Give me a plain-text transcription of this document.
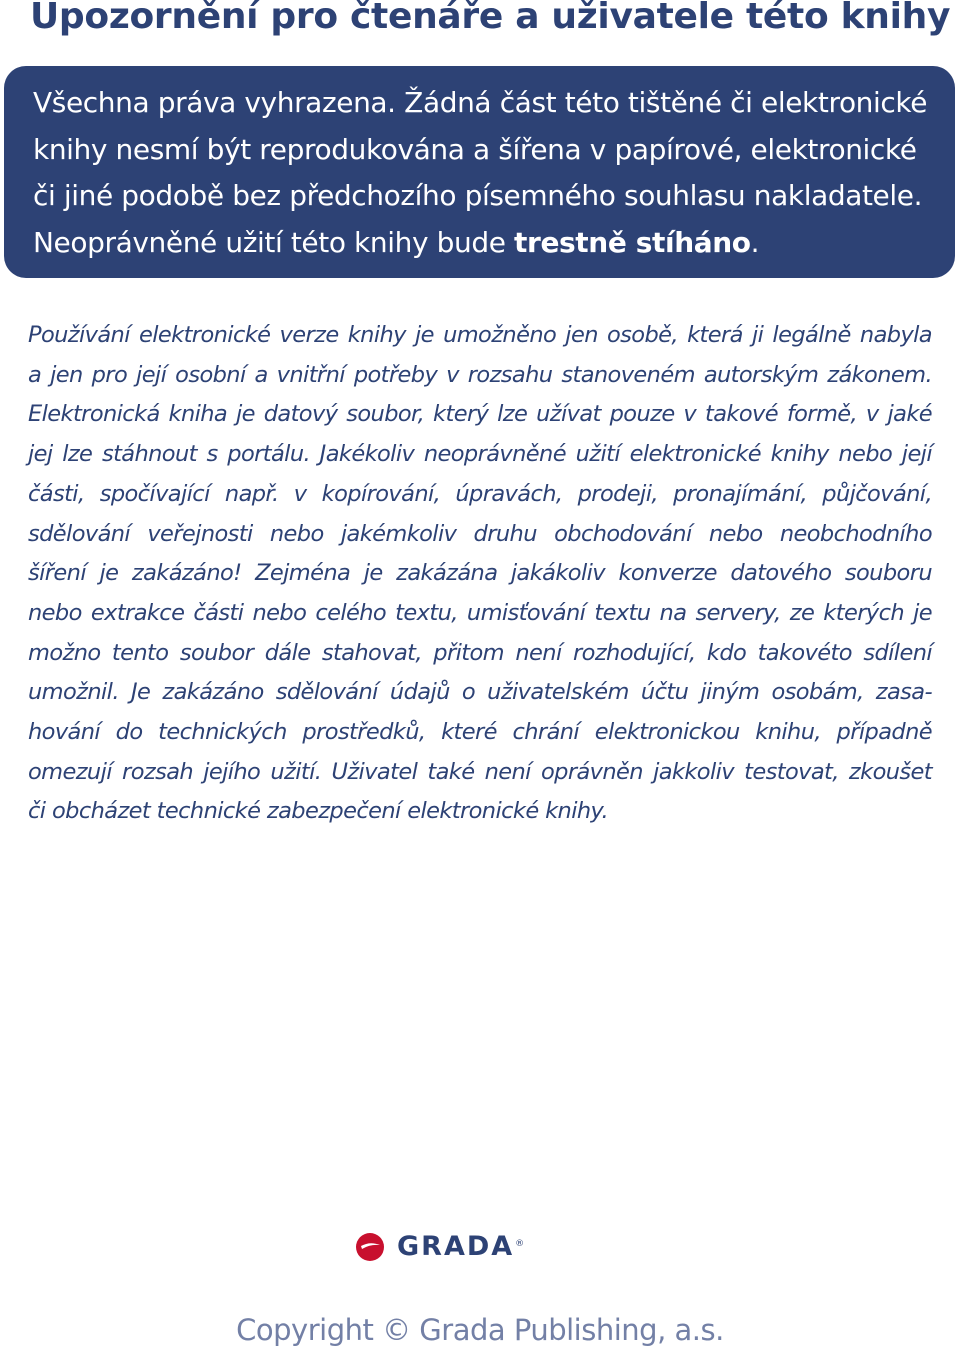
Upozornění pro čtenáře a uživatele této knihy
Všechna práva vyhrazena. Žádná část této tištěné či elektronické
knihy nesmí být reprodukována a šířena v papírové, elektronické
či jiné podobě bez předchozího písemného souhlasu nakladatele.
Neoprávněné užití této knihy bude trestně stíháno.
Používání elektronické verze knihy je umožněno jen osobě, která ji legálně nabyla
a jen pro její osobní a vnitřní potřeby v rozsahu stanoveném autorským zákonem.
Elektronická kniha je datový soubor, který lze užívat pouze v takové formě, v jaké
jej lze stáhnout s portálu. Jakékoliv neoprávněné užití elektronické knihy nebo její
části, spočívající např. v kopírování, úpravách, prodeji, pronajímání, půjčování,
sdělování veřejnosti nebo jakémkoliv druhu obchodování nebo neobchodního
šíření je zakázáno! Zejména je zakázána jakákoliv konverze datového souboru
nebo extrakce části nebo celého textu, umisťování textu na servery, ze kterých je
možno tento soubor dále stahovat, přitom není rozhodující, kdo takovéto sdílení
umožnil. Je zakázáno sdělování údajů o uživatelském účtu jiným osobám, zasa-
hování do technických prostředků, které chrání elektronickou knihu, případně
omezují rozsah jejího užití. Uživatel také není oprávněn jakkoliv testovat, zkoušet
či obcházet technické zabezpečení elektronické knihy.
GRADA ®
Copyright © Grada Publishing, a.s.
